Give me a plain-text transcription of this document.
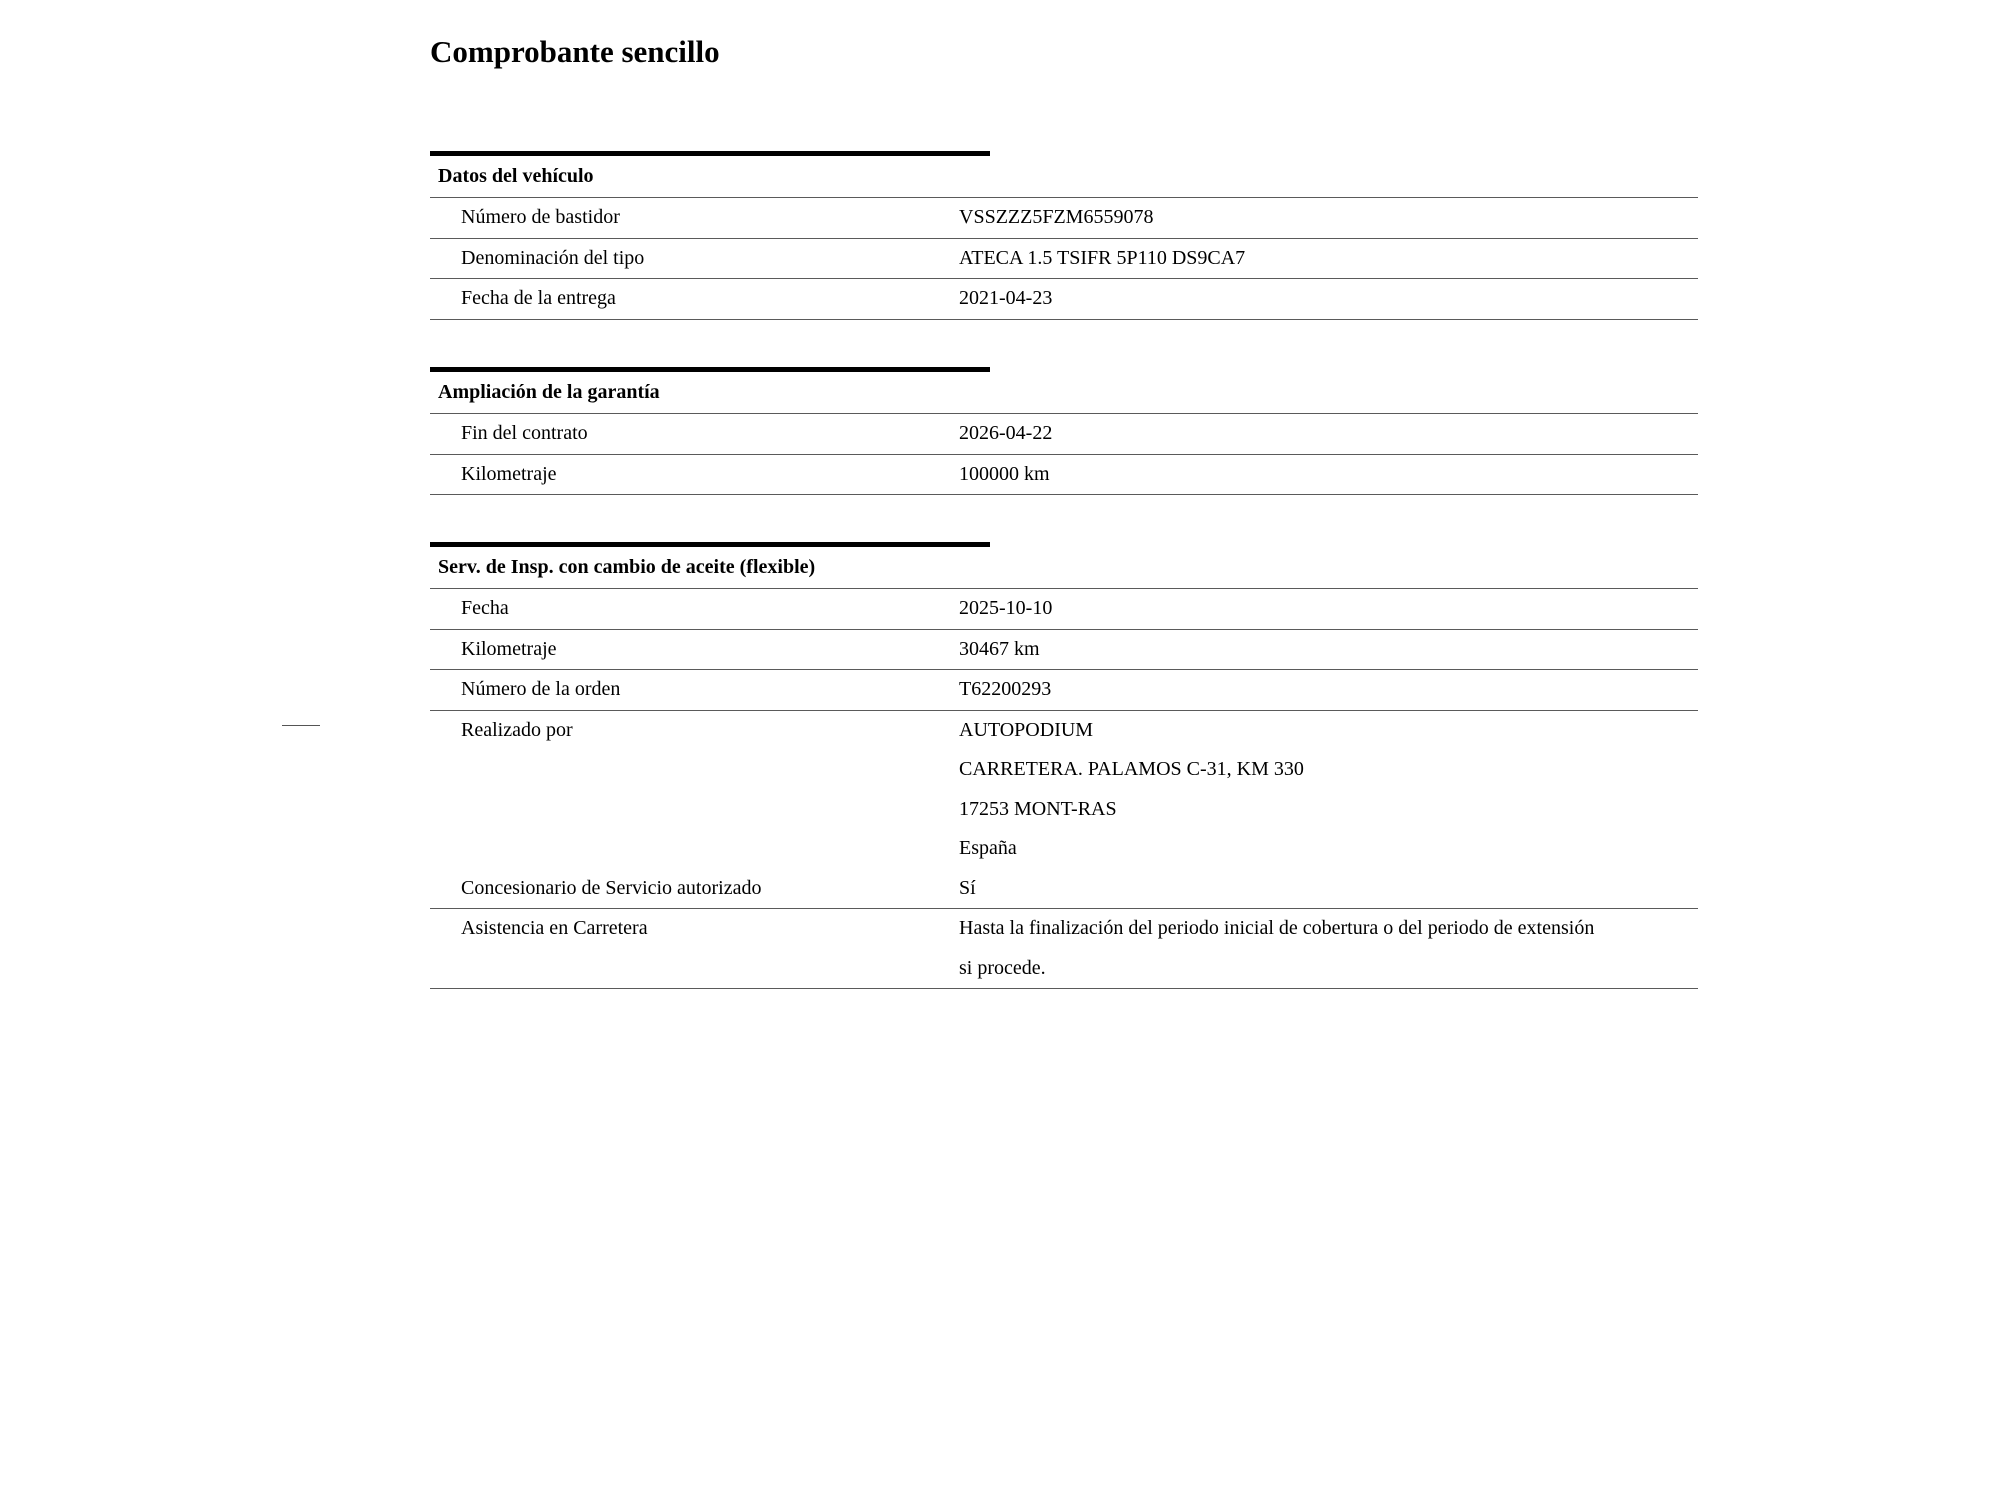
Comprobante sencillo
Datos del vehículo
Número de bastidor	VSSZZZ5FZM6559078
Denominación del tipo	ATECA 1.5 TSIFR 5P110 DS9CA7
Fecha de la entrega	2021-04-23
Ampliación de la garantía
Fin del contrato	2026-04-22
Kilometraje	100000 km
Serv. de Insp. con cambio de aceite (flexible)
Fecha	2025-10-10
Kilometraje	30467 km
Número de la orden	T62200293
Realizado por	AUTOPODIUM
CARRETERA. PALAMOS C-31, KM 330
17253 MONT-RAS
España
Concesionario de Servicio autorizado	Sí
Asistencia en Carretera	Hasta la finalización del periodo inicial de cobertura o del periodo de extensión
si procede.
